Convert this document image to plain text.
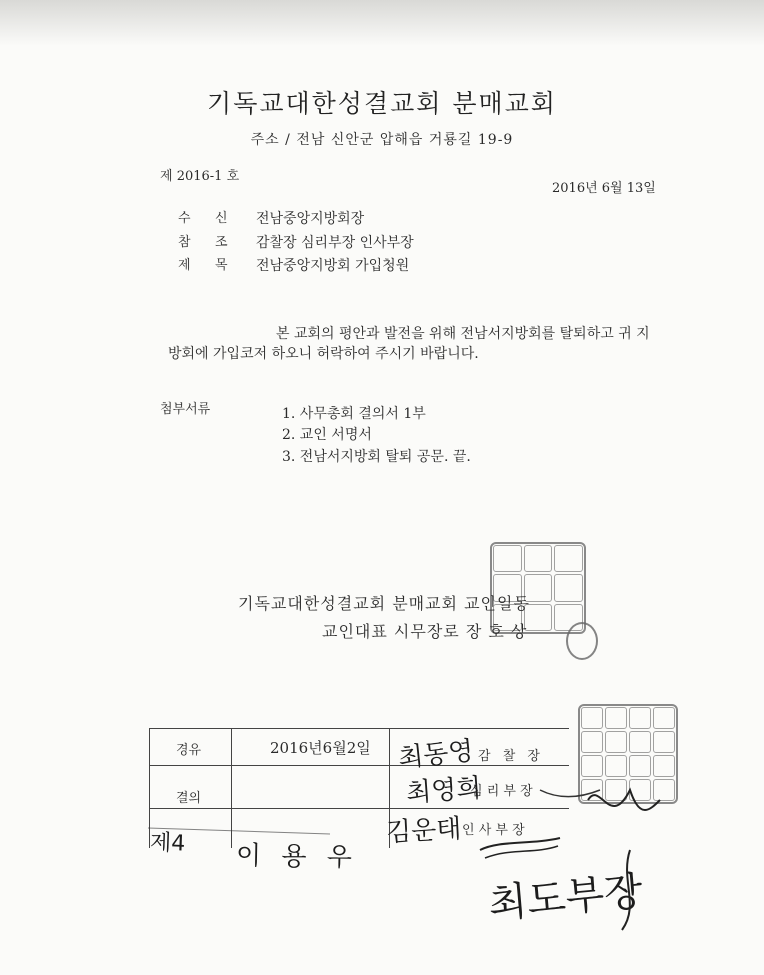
기독교대한성결교회 분매교회
주소 / 전남 신안군 압해읍 거룡길 19-9
제 2016-1 호
2016년 6월 13일
수 신 전남중앙지방회장
참 조 감찰장 심리부장 인사부장
제 목 전남중앙지방회 가입청원
본 교회의 평안과 발전을 위해 전남서지방회를 탈퇴하고 귀 지
방회에 가입코저 하오니 허락하여 주시기 바랍니다.
첨부서류	1. 사무총회 결의서 1부
2. 교인 서명서
3. 전남서지방회 탈퇴 공문. 끝.
기독교대한성결교회 분매교회 교인일동
교인대표 시무장로 장 호 상
경유	2016년6월2일
결의
감 찰 장
심 리 부 장
인 사 부 장
최동영
최영희
김운태
제4 이 용 우
최도부장
